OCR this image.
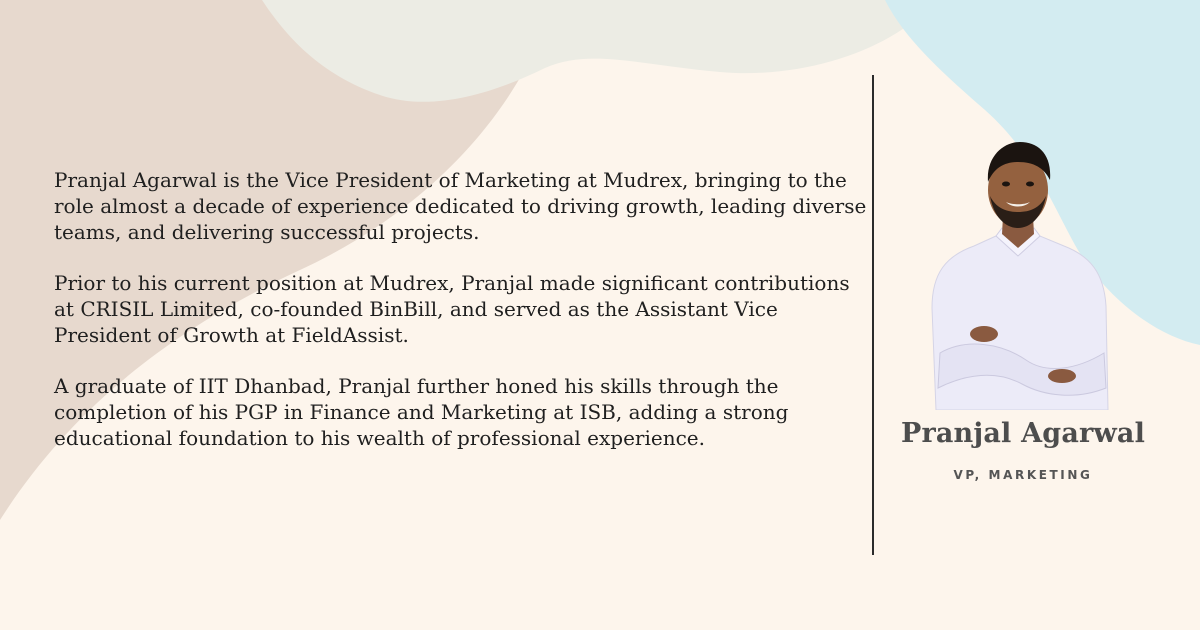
Pranjal Agarwal is the Vice President of Marketing at Mudrex, bringing to the role almost a decade of experience dedicated to driving growth, leading diverse teams, and delivering successful projects.

Prior to his current position at Mudrex, Pranjal made significant contributions at CRISIL Limited, co-founded BinBill, and served as the Assistant Vice President of Growth at FieldAssist.

A graduate of IIT Dhanbad, Pranjal further honed his skills through the completion of his PGP in Finance and Marketing at ISB, adding a strong educational foundation to his wealth of professional experience.	Pranjal Agarwal
VP, MARKETING
